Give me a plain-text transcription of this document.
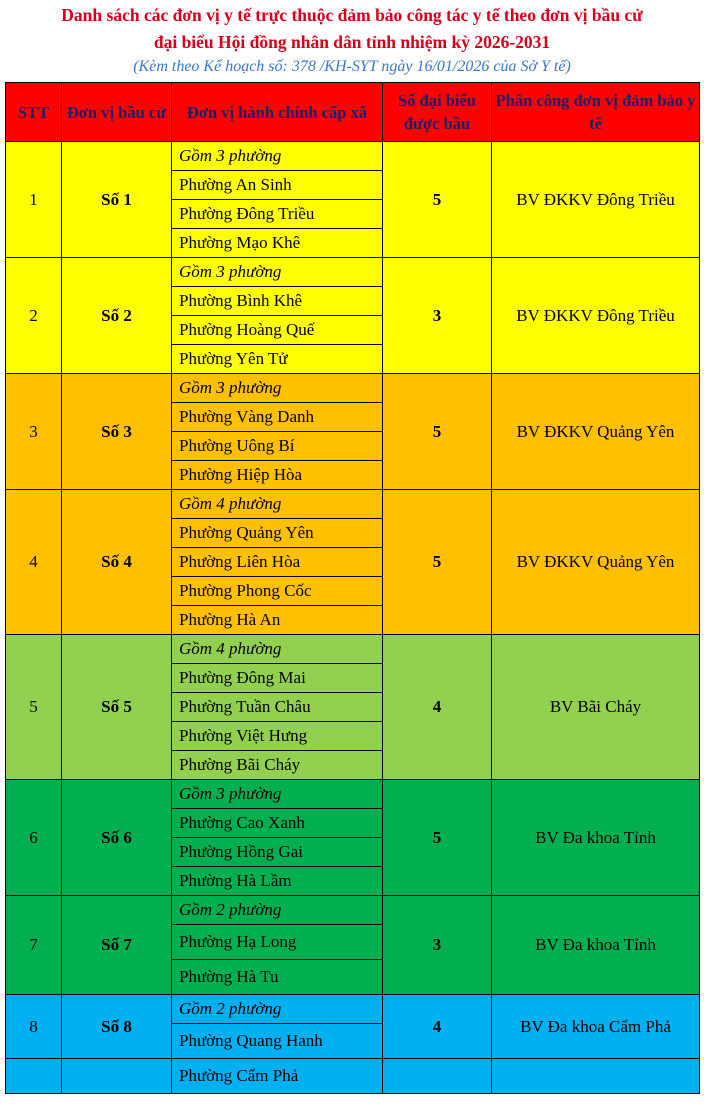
Danh sách các đơn vị y tế trực thuộc đảm bảo công tác y tế theo đơn vị bầu cử
đại biểu Hội đồng nhân dân tỉnh nhiệm kỳ 2026-2031
(Kèm theo Kế hoạch số: 378 /KH-SYT ngày 16/01/2026 của Sở Y tế)
STT	Đơn vị bầu cử	Đơn vị hành chính cấp xã	Số đại biểu được bầu	Phân công đơn vị đảm bảo y tế
1	Số 1	Gồm 3 phường	5	BV ĐKKV Đông Triều
		Phường An Sinh		
		Phường Đông Triều		
		Phường Mạo Khê		
2	Số 2	Gồm 3 phường	3	BV ĐKKV Đông Triều
		Phường Bình Khê		
		Phường Hoàng Quế		
		Phường Yên Tử		
3	Số 3	Gồm 3 phường	5	BV ĐKKV Quảng Yên
		Phường Vàng Danh		
		Phường Uông Bí		
		Phường Hiệp Hòa		
4	Số 4	Gồm 4 phường	5	BV ĐKKV Quảng Yên
		Phường Quảng Yên		
		Phường Liên Hòa		
		Phường Phong Cốc		
		Phường Hà An		
5	Số 5	Gồm 4 phường	4	BV Bãi Cháy
		Phường Đông Mai		
		Phường Tuần Châu		
		Phường Việt Hưng		
		Phường Bãi Cháy		
6	Số 6	Gồm 3 phường	5	BV Đa khoa Tỉnh
		Phường Cao Xanh		
		Phường Hồng Gai		
		Phường Hà Lầm		
7	Số 7	Gồm 2 phường	3	BV Đa khoa Tỉnh
		Phường Hạ Long		
		Phường Hà Tu		
8	Số 8	Gồm 2 phường	4	BV Đa khoa Cẩm Phả
		Phường Quang Hanh		
		Phường Cẩm Phả		
